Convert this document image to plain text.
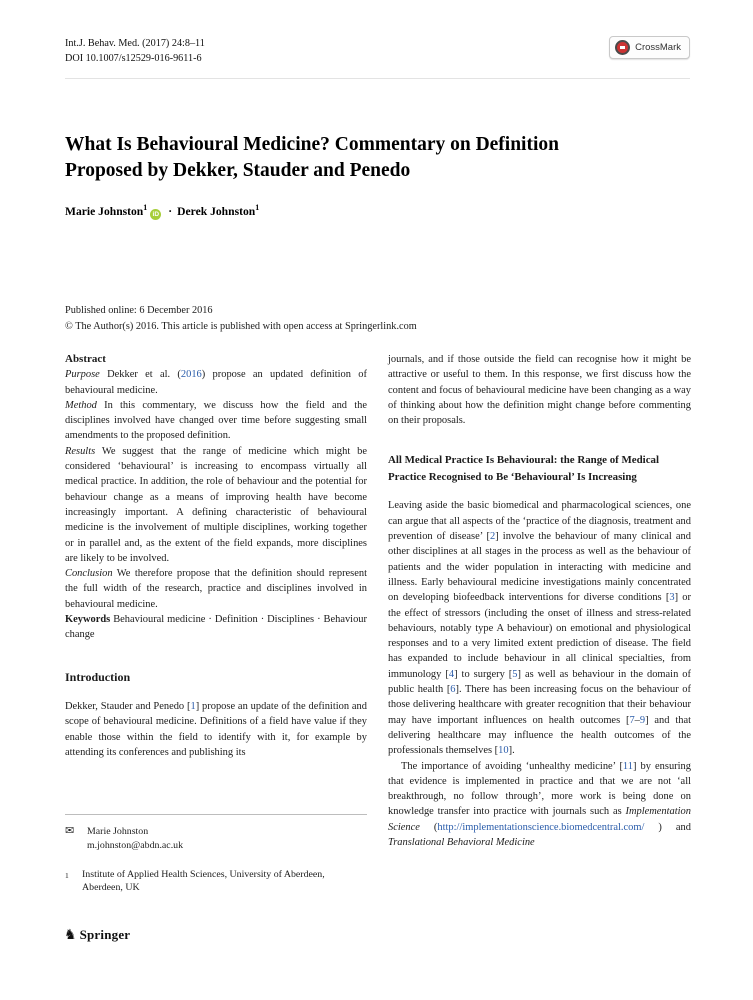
Int.J. Behav. Med. (2017) 24:8–11
DOI 10.1007/s12529-016-9611-6
CrossMark
What Is Behavioural Medicine? Commentary on Definition Proposed by Dekker, Stauder and Penedo
Marie Johnston$^1$ iD · Derek Johnston$^1$
Published online: 6 December 2016
© The Author(s) 2016. This article is published with open access at Springerlink.com
Abstract

Purpose Dekker et al. (2016) propose an updated definition of behavioural medicine.

Method In this commentary, we discuss how the field and the disciplines involved have changed over time before suggesting small amendments to the proposed definition.

Results We suggest that the range of medicine which might be considered ‘behavioural’ is increasing to encompass virtually all medical practice. In addition, the role of behaviour and the potential for behaviour change as a means of improving health have become increasingly important. A defining characteristic of behavioural medicine is the involvement of multiple disciplines, working together or in parallel and, as the extent of the field expands, more disciplines are likely to be involved.

Conclusion We therefore propose that the definition should represent the full width of the research, practice and disciplines involved in behavioural medicine.

Keywords Behavioural medicine · Definition · Disciplines · Behaviour change

Introduction

Dekker, Stauder and Penedo [1] propose an update of the definition and scope of behavioural medicine. Definitions of a field have value if they enable those within the field to identify with it, for example by attending its conferences and publishing its

journals, and if those outside the field can recognise how it might be attractive or useful to them. In this response, we first discuss how the content and focus of behavioural medicine have been changing as a way of thinking about how the definition might change before commenting on their proposals.

All Medical Practice Is Behavioural: the Range of Medical Practice Recognised to Be ‘Behavioural’ Is Increasing

Leaving aside the basic biomedical and pharmacological sciences, one can argue that all aspects of the ‘practice of the diagnosis, treatment and prevention of disease’ [2] involve the behaviour of many clinical and other disciplines at all stages in the process as well as the behaviour of patients and the wider population in interacting with medicine and illness. Early behavioural medicine investigations mainly concentrated on developing biofeedback interventions for diverse conditions [3] or the effect of stressors (including the onset of illness and stress-related behaviours, notably type A behaviour) on emotional and physiological responses and to a very limited extent prediction of disease. The field has expanded to include behaviour in all clinical specialties, from immunology [4] to surgery [5] as well as behaviour in the domain of public health [6]. There has been increasing focus on the behaviour of those delivering healthcare with greater recognition that their behaviour may have important influences on health outcomes [7–9] and that delivering healthcare may influence the health outcomes of the professionals themselves [10].

The importance of avoiding ‘unhealthy medicine’ [11] by ensuring that evidence is implemented in practice and that we are not ‘all breakthrough, no follow through’, more work is being done on knowledge transfer into practice with journals such as Implementation Science (http://implementationscience.biomedcentral.com/ ) and Translational Behavioral Medicine

✉
Marie Johnston
m.johnston@abdn.ac.uk
1	Institute of Applied Health Sciences, University of Aberdeen, Aberdeen, UK
♞
Springer
